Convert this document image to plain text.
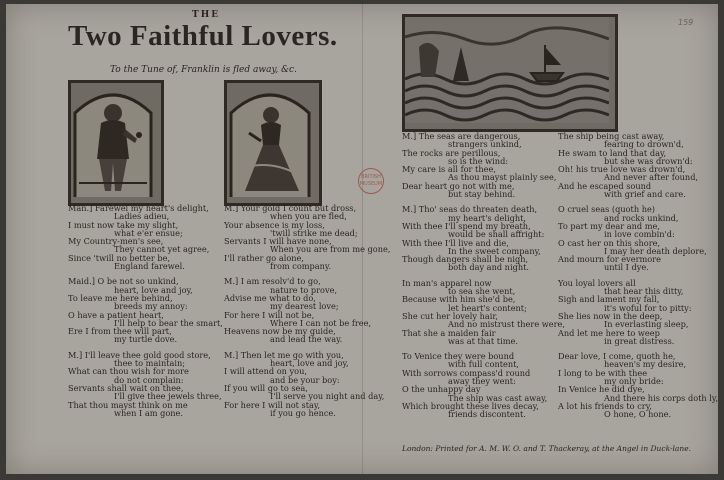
THE
Two Faithful Lovers.
To the Tune of, Franklin is fled away, &c.
159
BRITISH MUSEUM
Man.] Farewel my heart's delight,
Ladies adieu,
I must now take my slight,
what e'er ensue;
My Country-men's see,
They cannot yet agree,
Since 'twill no better be,
England farewel.
Maid.] O be not so unkind,
heart, love and joy,
To leave me here behind,
breeds my annoy:
O have a patient heart,
I'll help to bear the smart,
Ere I from thee will part,
my turtle dove.
M.] I'll leave thee gold good store,
thee to maintain;
What can thou wish for more
do not complain:
Servants shall wait on thee,
I'll give thee jewels three,
That thou mayst think on me
when I am gone.
M.] Your gold I count but dross,
when you are fled,
Your absence is my loss,
'twill strike me dead;
Servants I will have none,
When you are from me gone,
I'll rather go alone,
from company.
M.] I am resolv'd to go,
nature to prove,
Advise me what to do,
my dearest love;
For here I will not be,
Where I can not be free,
Heavens now be my guide,
and lead the way.
M.] Then let me go with you,
heart, love and joy,
I will attend on you,
and be your boy:
If you will go to sea,
I'll serve you night and day,
For here I will not stay,
if you go hence.
M.] The seas are dangerous,
strangers unkind,
The rocks are perillous,
so is the wind:
My care is all for thee,
As thou mayst plainly see,
Dear heart go not with me,
but stay behind.
M.] Tho' seas do threaten death,
my heart's delight,
With thee I'll spend my breath,
would be shall affright:
With thee I'll live and die,
In the sweet company,
Though dangers shall be nigh,
both day and night.
In man's apparel now
to sea she went,
Because with him she'd be,
let heart's content;
She cut her lovely hair,
And no mistrust there were,
That she a maiden fair
was at that time.
To Venice they were bound
with full content,
With sorrows compass'd round
away they went:
O the unhappy day
The ship was cast away,
Which brought these lives decay,
friends discontent.
The ship being cast away,
fearing to drown'd,
He swam to land that day,
but she was drown'd:
Oh! his true love was drown'd,
And never after found,
And he escaped sound
with grief and care.
O cruel seas (quoth he)
and rocks unkind,
To part my dear and me,
in love combin'd:
O cast her on this shore,
I may her death deplore,
And mourn for evermore
until I dye.
You loyal lovers all
that hear this ditty,
Sigh and lament my fall,
it's woful for to pitty:
She lies now in the deep,
In everlasting sleep,
And let me here to weep
in great distress.
Dear love, I come, quoth he,
heaven's my desire,
I long to be with thee
my only bride:
In Venice he did dye,
And there his corps doth ly,
A lot his friends to cry,
O hone, O hone.
London: Printed for A. M. W. O. and T. Thackeray, at the Angel in Duck-lane.
